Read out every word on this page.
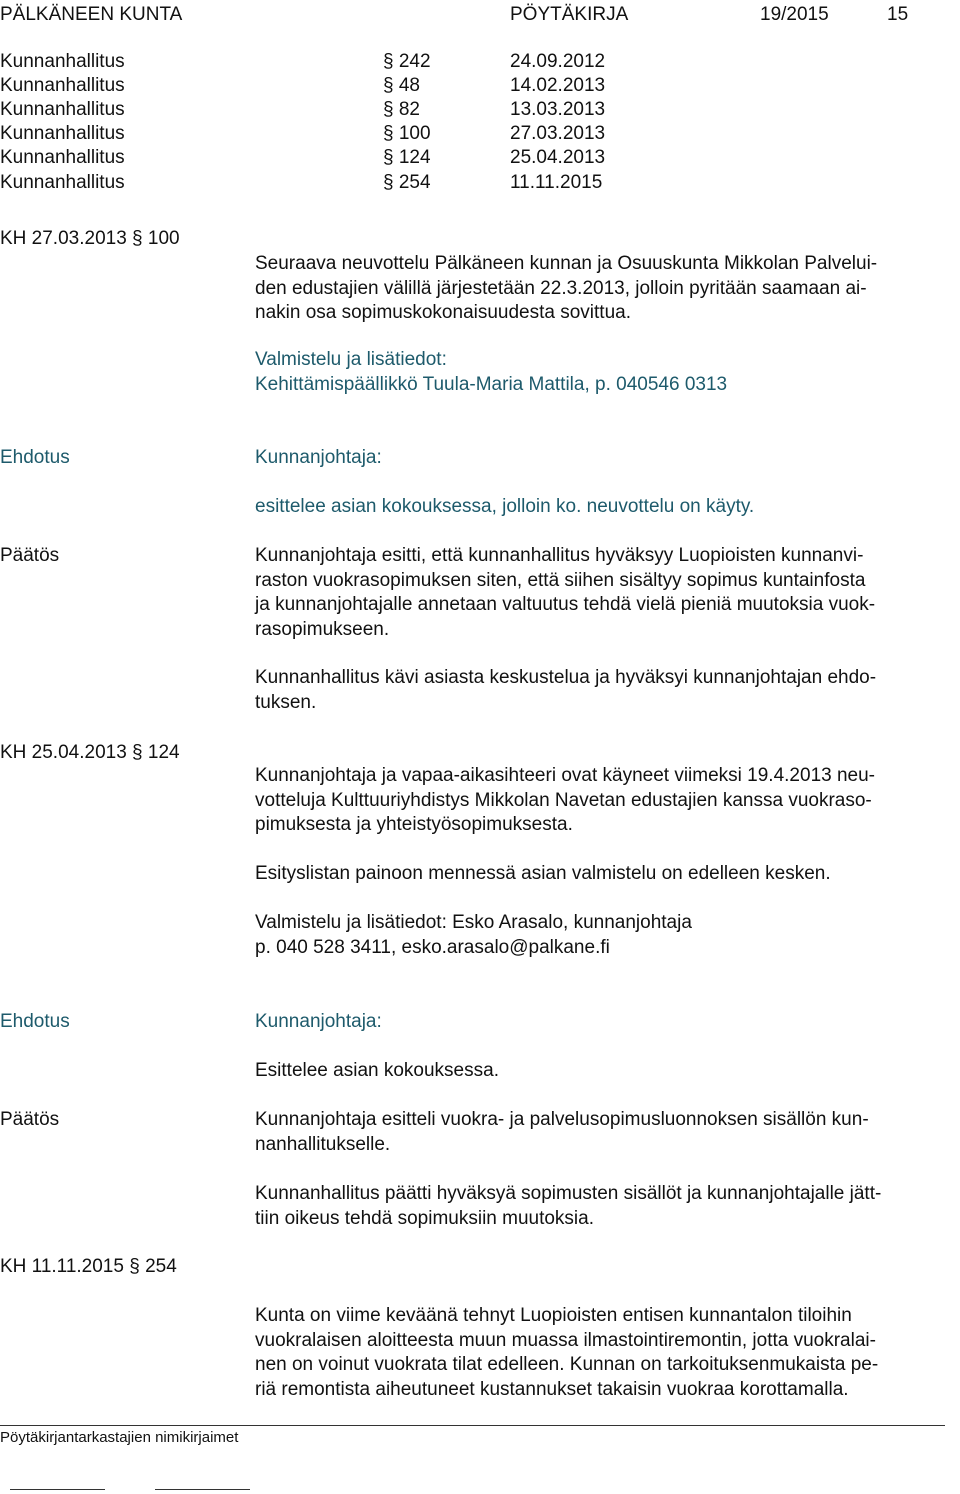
PÄLKÄNEEN KUNTA	PÖYTÄKIRJA	19/2015	15
Kunnanhallitus	§ 242	24.09.2012
Kunnanhallitus	§ 48	14.02.2013
Kunnanhallitus	§ 82	13.03.2013
Kunnanhallitus	§ 100	27.03.2013
Kunnanhallitus	§ 124	25.04.2013
Kunnanhallitus	§ 254	11.11.2015
KH 27.03.2013 § 100
Seuraava neuvottelu Pälkäneen kunnan ja Osuuskunta Mikkolan Palvelui-
den edustajien välillä järjestetään 22.3.2013, jolloin pyritään saamaan ai-
nakin osa sopimuskokonaisuudesta sovittua.
Valmistelu ja lisätiedot:
Kehittämispäällikkö Tuula-Maria Mattila, p. 040546 0313
Ehdotus	Kunnanjohtaja:
esittelee asian kokouksessa, jolloin ko. neuvottelu on käyty.
Päätös	Kunnanjohtaja esitti, että kunnanhallitus hyväksyy Luopioisten kunnanvi-
raston vuokrasopimuksen siten, että siihen sisältyy sopimus kuntainfosta
ja kunnanjohtajalle annetaan valtuutus tehdä vielä pieniä muutoksia vuok-
rasopimukseen.
Kunnanhallitus kävi asiasta keskustelua ja hyväksyi kunnanjohtajan ehdo-
tuksen.
KH 25.04.2013 § 124
Kunnanjohtaja ja vapaa-aikasihteeri ovat käyneet viimeksi 19.4.2013 neu-
votteluja Kulttuuriyhdistys Mikkolan Navetan edustajien kanssa vuokraso-
pimuksesta ja yhteistyösopimuksesta.
Esityslistan painoon mennessä asian valmistelu on edelleen kesken.
Valmistelu ja lisätiedot: Esko Arasalo, kunnanjohtaja
p. 040 528 3411, esko.arasalo@palkane.fi
Ehdotus	Kunnanjohtaja:
Esittelee asian kokouksessa.
Päätös	Kunnanjohtaja esitteli vuokra- ja palvelusopimusluonnoksen sisällön kun-
nanhallitukselle.
Kunnanhallitus päätti hyväksyä sopimusten sisällöt ja kunnanjohtajalle jätt-
tiin oikeus tehdä sopimuksiin muutoksia.
KH 11.11.2015 § 254
Kunta on viime keväänä tehnyt Luopioisten entisen kunnantalon tiloihin
vuokralaisen aloitteesta muun muassa ilmastointiremontin, jotta vuokralai-
nen on voinut vuokrata tilat edelleen. Kunnan on tarkoituksenmukaista pe-
riä remontista aiheutuneet kustannukset takaisin vuokraa korottamalla.
Pöytäkirjantarkastajien nimikirjaimet
